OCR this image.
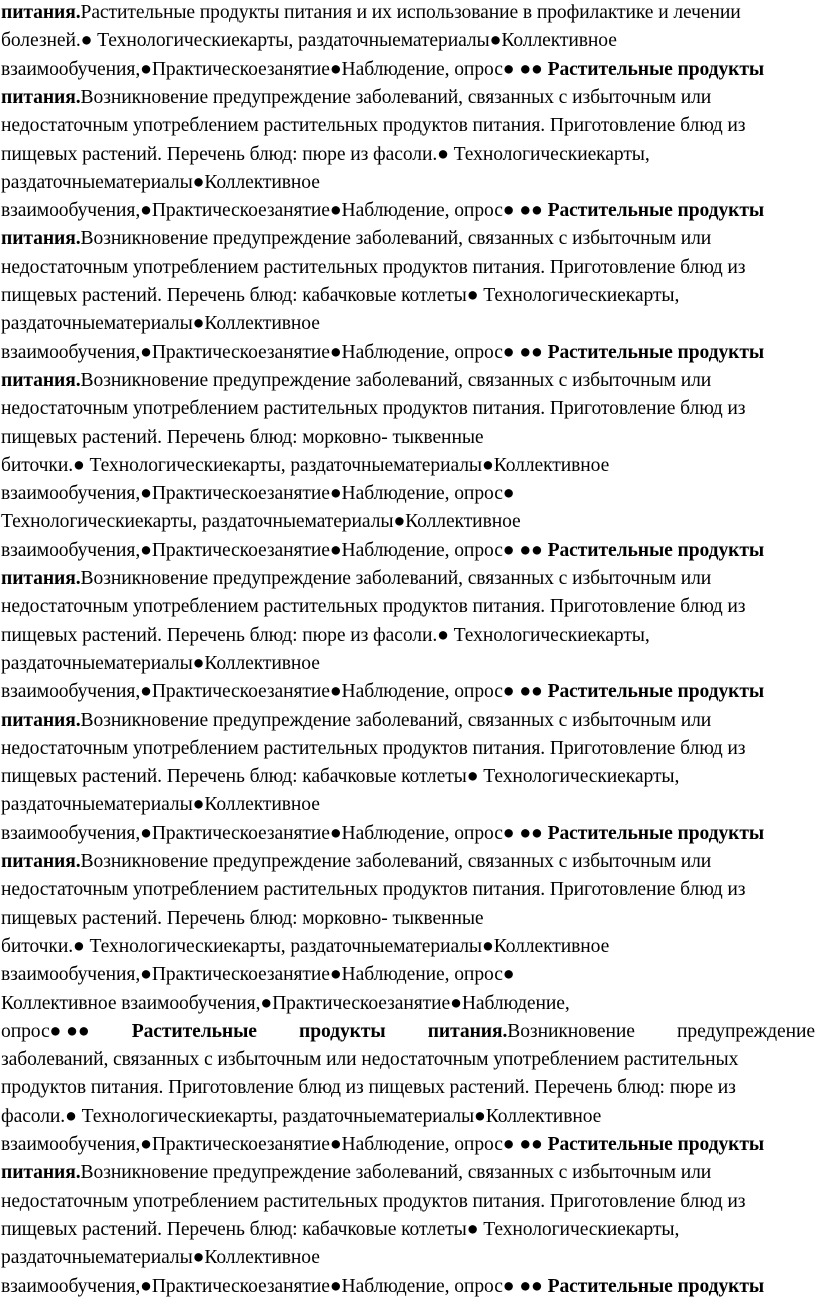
питания.Растительные продукты питания и их использование в профилактике и лечении
болезней.● Технологическиекарты, раздаточныематериалы●Коллективное
взаимообучения,●Практическоезанятие●Наблюдение, опрос● ●● Растительные продукты
питания.Возникновение предупреждение заболеваний, связанных с избыточным или
недостаточным употреблением растительных продуктов питания. Приготовление блюд из
пищевых растений. Перечень блюд: пюре из фасоли.● Технологическиекарты,
раздаточныематериалы●Коллективное
взаимообучения,●Практическоезанятие●Наблюдение, опрос● ●● Растительные продукты
питания.Возникновение предупреждение заболеваний, связанных с избыточным или
недостаточным употреблением растительных продуктов питания. Приготовление блюд из
пищевых растений. Перечень блюд: кабачковые котлеты● Технологическиекарты,
раздаточныематериалы●Коллективное
взаимообучения,●Практическоезанятие●Наблюдение, опрос● ●● Растительные продукты
питания.Возникновение предупреждение заболеваний, связанных с избыточным или
недостаточным употреблением растительных продуктов питания. Приготовление блюд из
пищевых растений. Перечень блюд: морковно- тыквенные
биточки.● Технологическиекарты, раздаточныематериалы●Коллективное
взаимообучения,●Практическоезанятие●Наблюдение, опрос●
Технологическиекарты, раздаточныематериалы●Коллективное
взаимообучения,●Практическоезанятие●Наблюдение, опрос● ●● Растительные продукты
питания.Возникновение предупреждение заболеваний, связанных с избыточным или
недостаточным употреблением растительных продуктов питания. Приготовление блюд из
пищевых растений. Перечень блюд: пюре из фасоли.● Технологическиекарты,
раздаточныематериалы●Коллективное
взаимообучения,●Практическоезанятие●Наблюдение, опрос● ●● Растительные продукты
питания.Возникновение предупреждение заболеваний, связанных с избыточным или
недостаточным употреблением растительных продуктов питания. Приготовление блюд из
пищевых растений. Перечень блюд: кабачковые котлеты● Технологическиекарты,
раздаточныематериалы●Коллективное
взаимообучения,●Практическоезанятие●Наблюдение, опрос● ●● Растительные продукты
питания.Возникновение предупреждение заболеваний, связанных с избыточным или
недостаточным употреблением растительных продуктов питания. Приготовление блюд из
пищевых растений. Перечень блюд: морковно- тыквенные
биточки.● Технологическиекарты, раздаточныематериалы●Коллективное
взаимообучения,●Практическоезанятие●Наблюдение, опрос●
Коллективное взаимообучения,●Практическоезанятие●Наблюдение,
опрос● ●● Растительные продукты питания.Возникновение предупреждение
заболеваний, связанных с избыточным или недостаточным употреблением растительных
продуктов питания. Приготовление блюд из пищевых растений. Перечень блюд: пюре из
фасоли.● Технологическиекарты, раздаточныематериалы●Коллективное
взаимообучения,●Практическоезанятие●Наблюдение, опрос● ●● Растительные продукты
питания.Возникновение предупреждение заболеваний, связанных с избыточным или
недостаточным употреблением растительных продуктов питания. Приготовление блюд из
пищевых растений. Перечень блюд: кабачковые котлеты● Технологическиекарты,
раздаточныематериалы●Коллективное
взаимообучения,●Практическоезанятие●Наблюдение, опрос● ●● Растительные продукты
